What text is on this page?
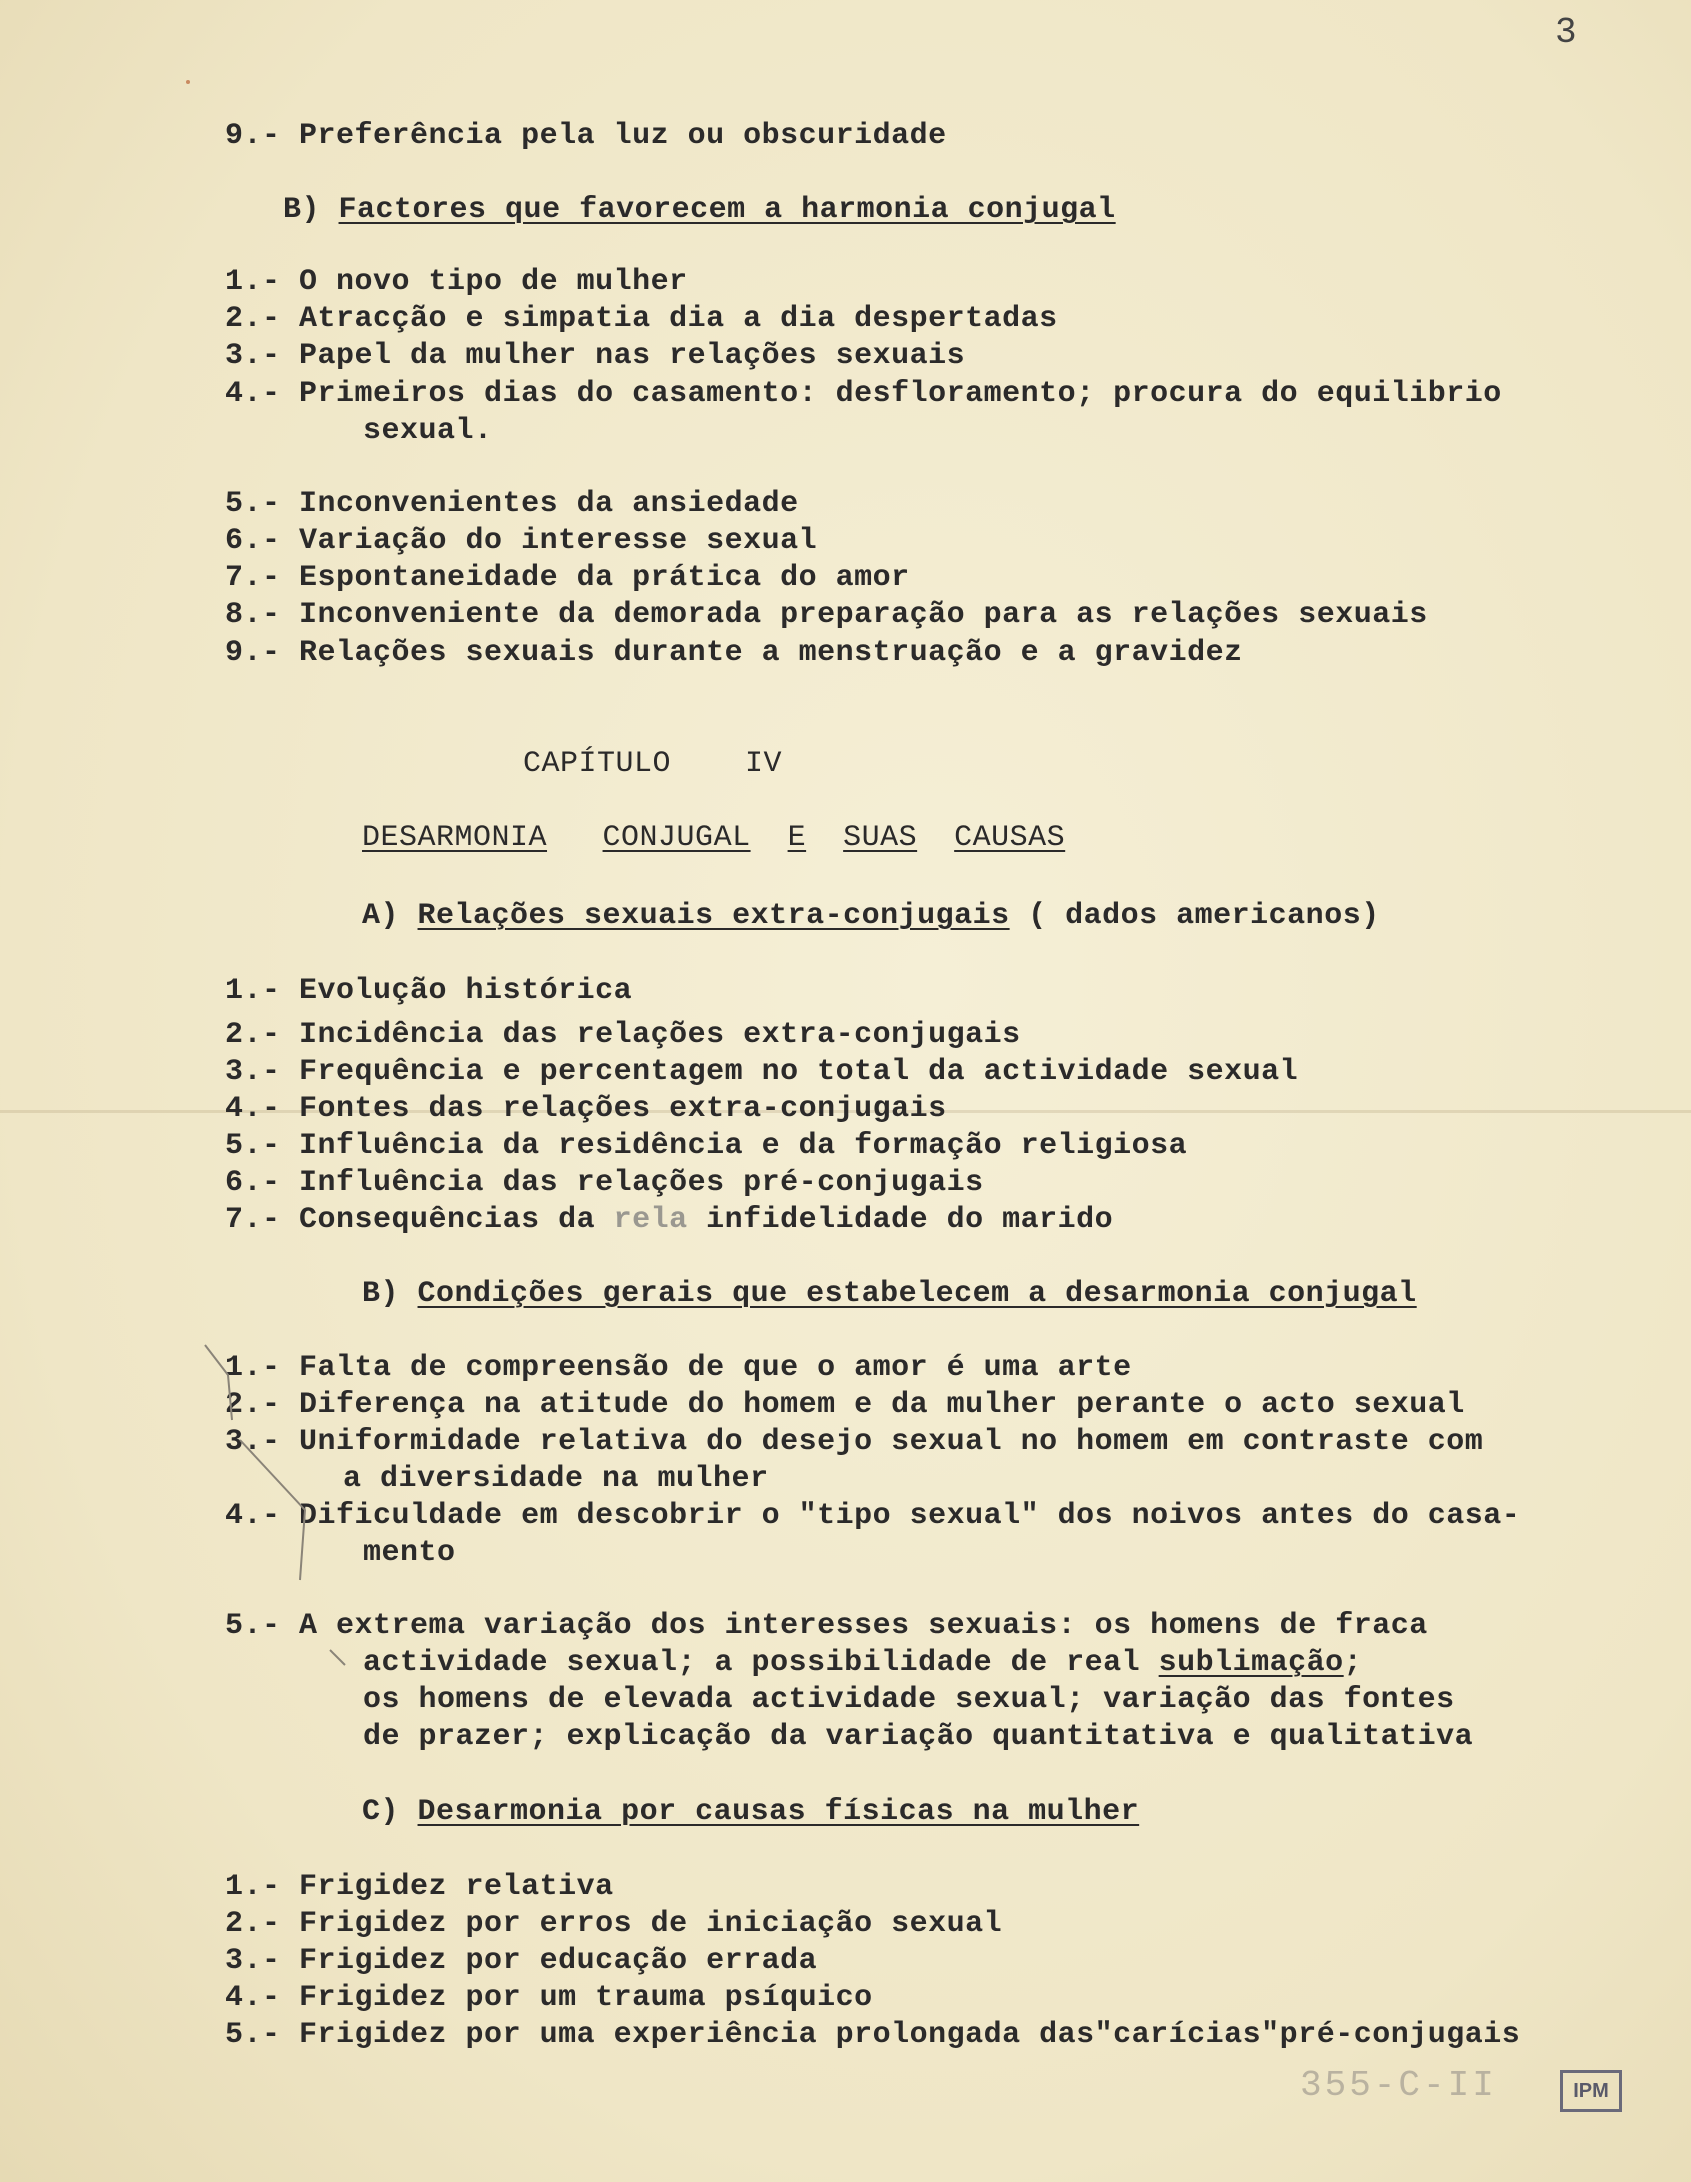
3
9.- Preferência pela luz ou obscuridade
B) Factores que favorecem a harmonia conjugal
1.- O novo tipo de mulher
2.- Atracção e simpatia dia a dia despertadas
3.- Papel da mulher nas relações sexuais
4.- Primeiros dias do casamento: desfloramento; procura do equilibrio
sexual.
5.- Inconvenientes da ansiedade
6.- Variação do interesse sexual
7.- Espontaneidade da prática do amor
8.- Inconveniente da demorada preparação para as relações sexuais
9.- Relações sexuais durante a menstruação e a gravidez
CAPÍTULO IV
DESARMONIA CONJUGAL E SUAS CAUSAS
A) Relações sexuais extra-conjugais ( dados americanos)
1.- Evolução histórica
2.- Incidência das relações extra-conjugais
3.- Frequência e percentagem no total da actividade sexual
4.- Fontes das relações extra-conjugais
5.- Influência da residência e da formação religiosa
6.- Influência das relações pré-conjugais
7.- Consequências da rela infidelidade do marido
B) Condições gerais que estabelecem a desarmonia conjugal
1.- Falta de compreensão de que o amor é uma arte
2.- Diferença na atitude do homem e da mulher perante o acto sexual
3.- Uniformidade relativa do desejo sexual no homem em contraste com
a diversidade na mulher
4.- Dificuldade em descobrir o "tipo sexual" dos noivos antes do casa-
mento
5.- A extrema variação dos interesses sexuais: os homens de fraca
actividade sexual; a possibilidade de real sublimação;
os homens de elevada actividade sexual; variação das fontes
de prazer; explicação da variação quantitativa e qualitativa
C) Desarmonia por causas físicas na mulher
1.- Frigidez relativa
2.- Frigidez por erros de iniciação sexual
3.- Frigidez por educação errada
4.- Frigidez por um trauma psíquico
5.- Frigidez por uma experiência prolongada das"carícias"pré-conjugais
355-C-II	IPM
